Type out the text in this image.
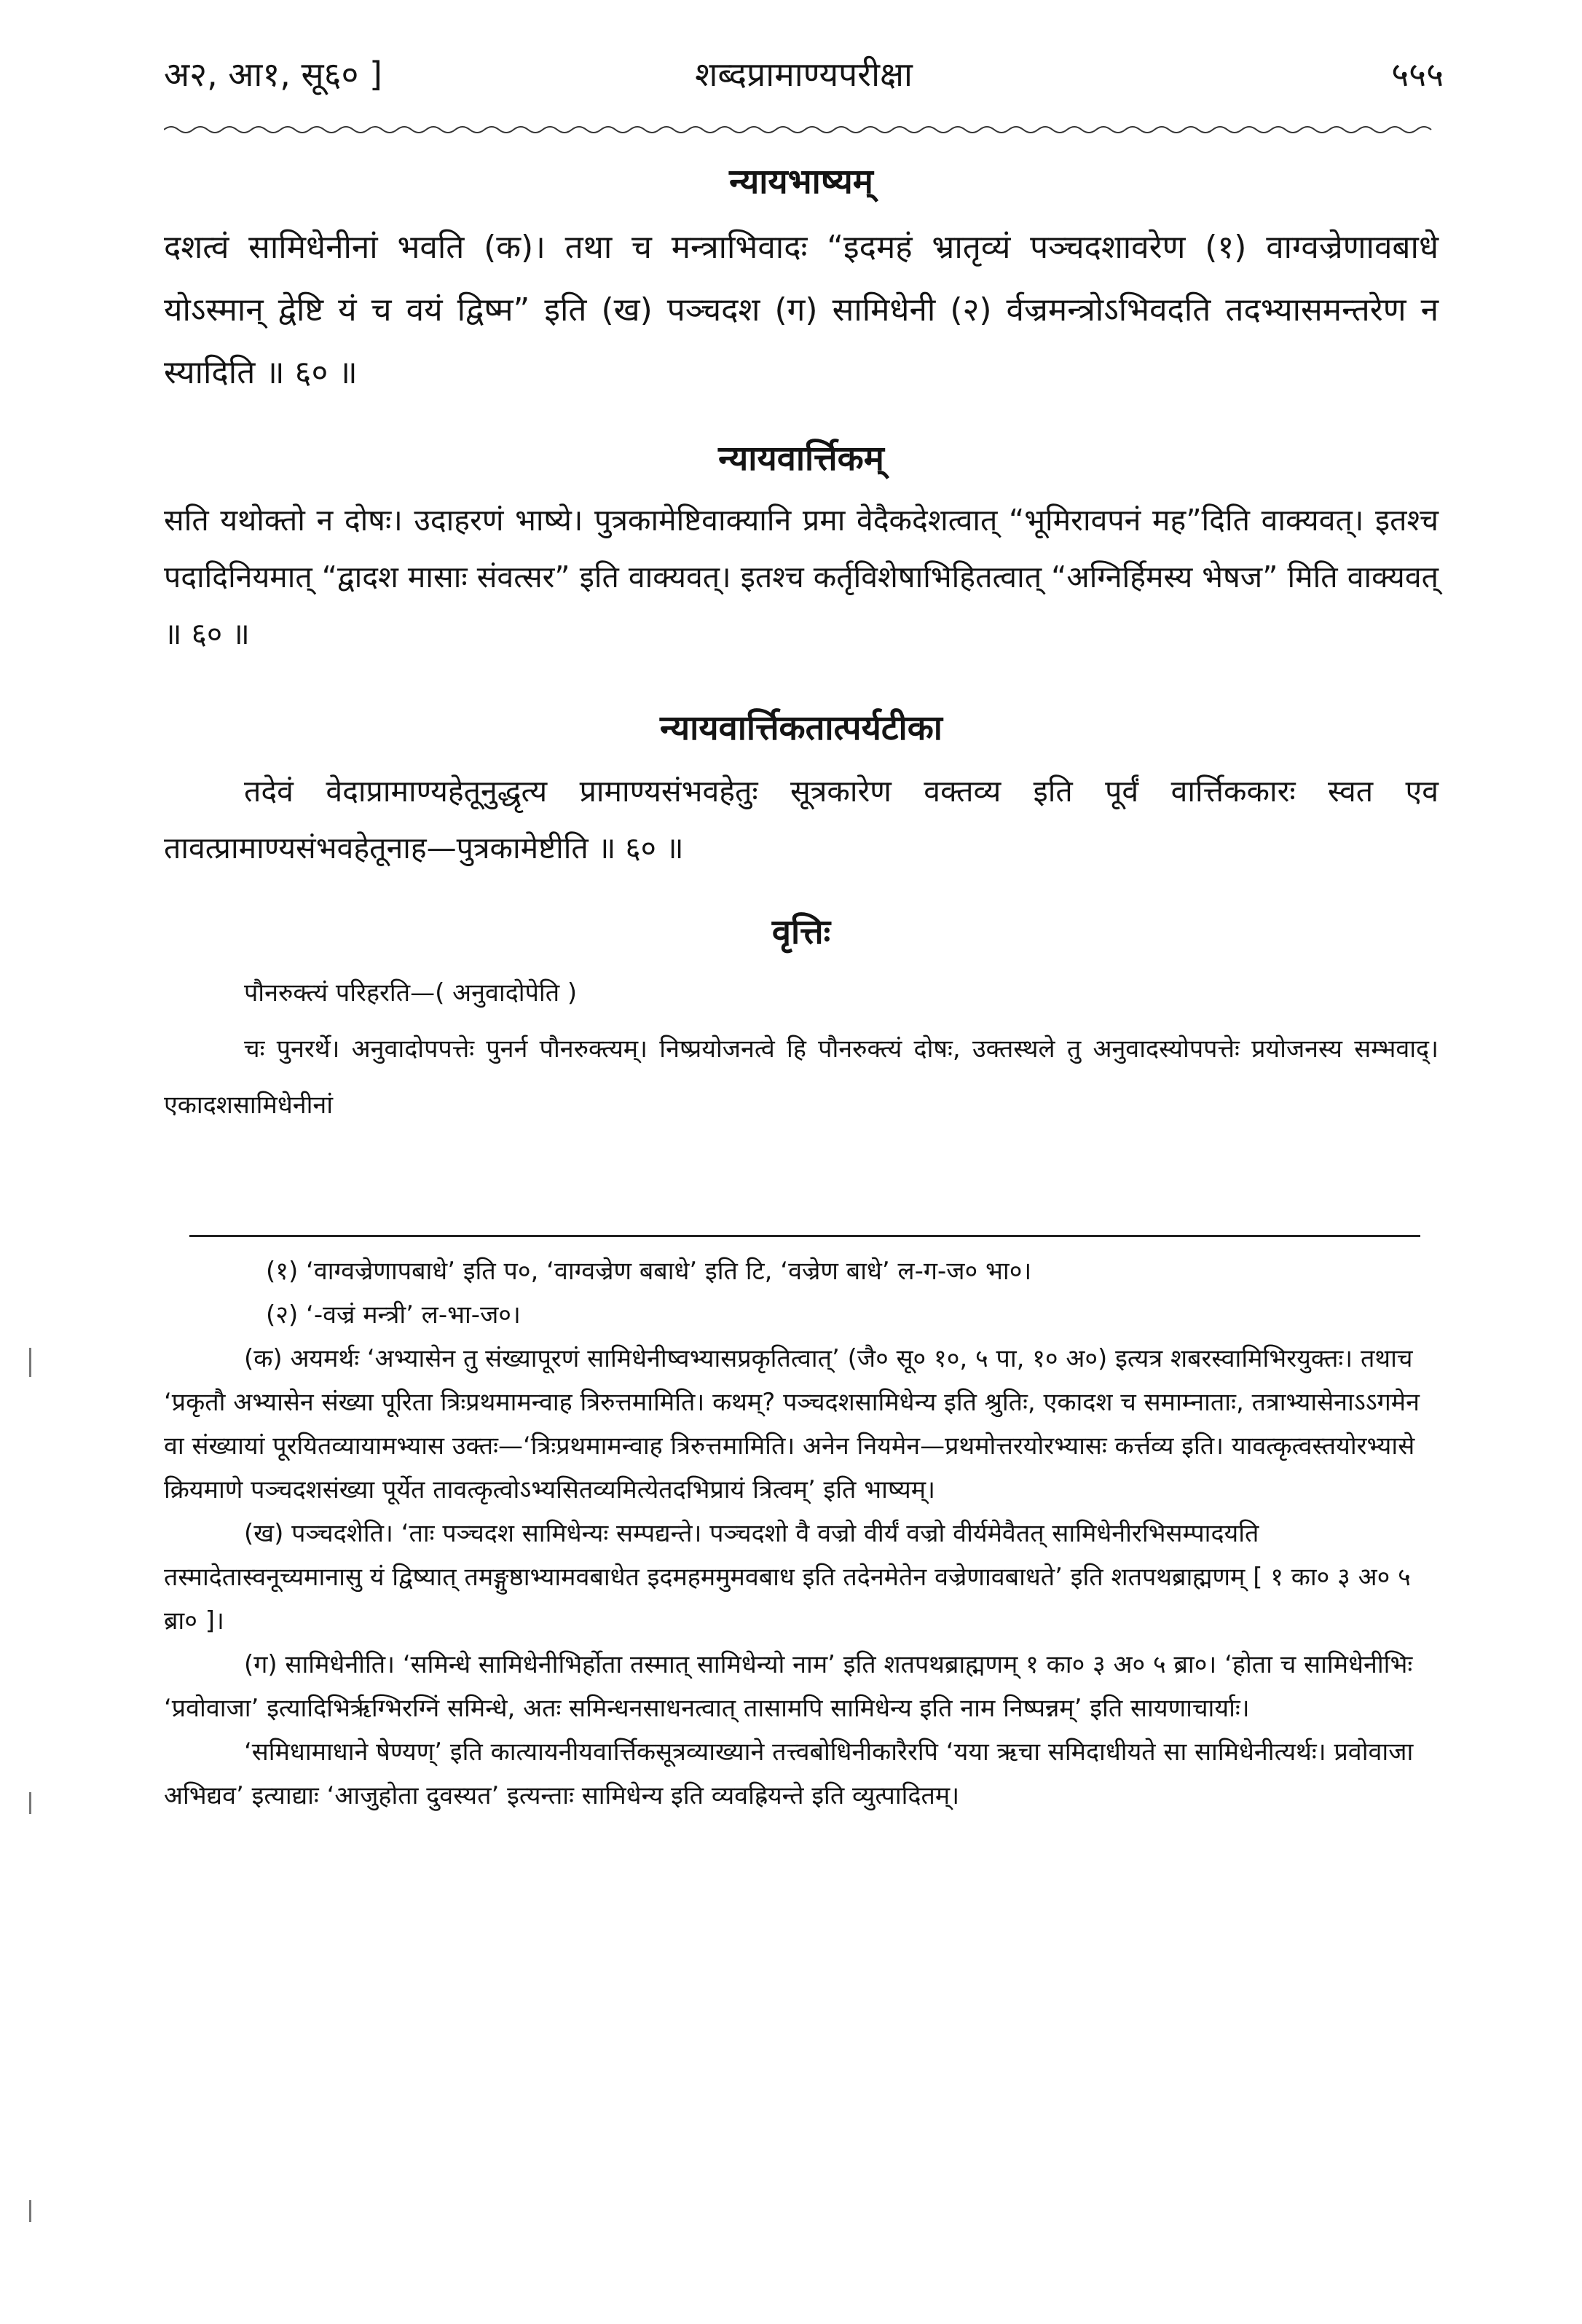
अ२, आ१, सू६० ]	शब्दप्रामाण्यपरीक्षा	५५५
न्यायभाष्यम्

दशत्वं सामिधेनीनां भवति (क)। तथा च मन्त्राभिवादः “इदमहं भ्रातृव्यं पञ्चदशावरेण (१) वाग्वज्रेणावबाधे योऽस्मान् द्वेष्टि यं च वयं द्विष्म” इति (ख) पञ्चदश (ग) सामिधेनी (२) र्वज्रमन्त्रोऽभिवदति तदभ्यासमन्तरेण न स्यादिति ॥ ६० ॥

न्यायवार्त्तिकम्

सति यथोक्तो न दोषः। उदाहरणं भाष्ये। पुत्रकामेष्टिवाक्यानि प्रमा वेदैकदेशत्वात् “भूमिरावपनं मह”दिति वाक्यवत्। इतश्च पदादिनियमात् “द्वादश मासाः संवत्सर” इति वाक्यवत्। इतश्च कर्तृविशेषाभिहितत्वात् “अग्निर्हिमस्य भेषज” मिति वाक्यवत् ॥ ६० ॥

न्यायवार्त्तिकतात्पर्यटीका

तदेवं वेदाप्रामाण्यहेतूनुद्धृत्य प्रामाण्यसंभवहेतुः सूत्रकारेण वक्तव्य इति पूर्वं वार्त्तिककारः स्वत एव तावत्प्रामाण्यसंभवहेतूनाह—पुत्रकामेष्टीति ॥ ६० ॥

वृत्तिः

पौनरुक्त्यं परिहरति—( अनुवादोपेति )

चः पुनरर्थे। अनुवादोपपत्तेः पुनर्न पौनरुक्त्यम्। निष्प्रयोजनत्वे हि पौनरुक्त्यं दोषः, उक्तस्थले तु अनुवादस्योपपत्तेः प्रयोजनस्य सम्भवाद्। एकादशसामिधेनीनां

(१) ‘वाग्वज्रेणापबाधे’ इति प०, ‘वाग्वज्रेण बबाधे’ इति टि, ‘वज्रेण बाधे’ ल-ग-ज० भा०।

(२) ‘-वज्रं मन्त्री’ ल-भा-ज०।

(क) अयमर्थः ‘अभ्यासेन तु संख्यापूरणं सामिधेनीष्वभ्यासप्रकृतित्वात्’ (जै० सू० १०, ५ पा, १० अ०) इत्यत्र शबरस्वामिभिरयुक्तः। तथाच ‘प्रकृतौ अभ्यासेन संख्या पूरिता त्रिःप्रथमामन्वाह त्रिरुत्तमामिति। कथम्? पञ्चदशसामिधेन्य इति श्रुतिः, एकादश च समाम्नाताः, तत्राभ्यासेनाऽऽगमेन वा संख्यायां पूरयितव्यायामभ्यास उक्तः—‘त्रिःप्रथमामन्वाह त्रिरुत्तमामिति। अनेन नियमेन—प्रथमोत्तरयोरभ्यासः कर्त्तव्य इति। यावत्कृत्वस्तयोरभ्यासे क्रियमाणे पञ्चदशसंख्या पूर्येत तावत्कृत्वोऽभ्यसितव्यमित्येतदभिप्रायं त्रित्वम्’ इति भाष्यम्।

(ख) पञ्चदशेति। ‘ताः पञ्चदश सामिधेन्यः सम्पद्यन्ते। पञ्चदशो वै वज्रो वीर्यं वज्रो वीर्यमेवैतत् सामिधेनीरभिसम्पादयति तस्मादेतास्वनूच्यमानासु यं द्विष्यात् तमङ्गुष्ठाभ्यामवबाधेत इदमहममुमवबाध इति तदेनमेतेन वज्रेणावबाधते’ इति शतपथब्राह्मणम् [ १ का० ३ अ० ५ ब्रा० ]।

(ग) सामिधेनीति। ‘समिन्धे सामिधेनीभिर्होता तस्मात् सामिधेन्यो नाम’ इति शतपथब्राह्मणम् १ का० ३ अ० ५ ब्रा०। ‘होता च सामिधेनीभिः ‘प्रवोवाजा’ इत्यादिभिर्ऋग्भिरग्निं समिन्धे, अतः समिन्धनसाधनत्वात् तासामपि सामिधेन्य इति नाम निष्पन्नम्’ इति सायणाचार्याः।

‘समिधामाधाने षेण्यण्’ इति कात्यायनीयवार्त्तिकसूत्रव्याख्याने तत्त्वबोधिनीकारैरपि ‘यया ऋचा समिदाधीयते सा सामिधेनीत्यर्थः। प्रवोवाजा अभिद्यव’ इत्याद्याः ‘आजुहोता दुवस्यत’ इत्यन्ताः सामिधेन्य इति व्यवह्रियन्ते इति व्युत्पादितम्।
